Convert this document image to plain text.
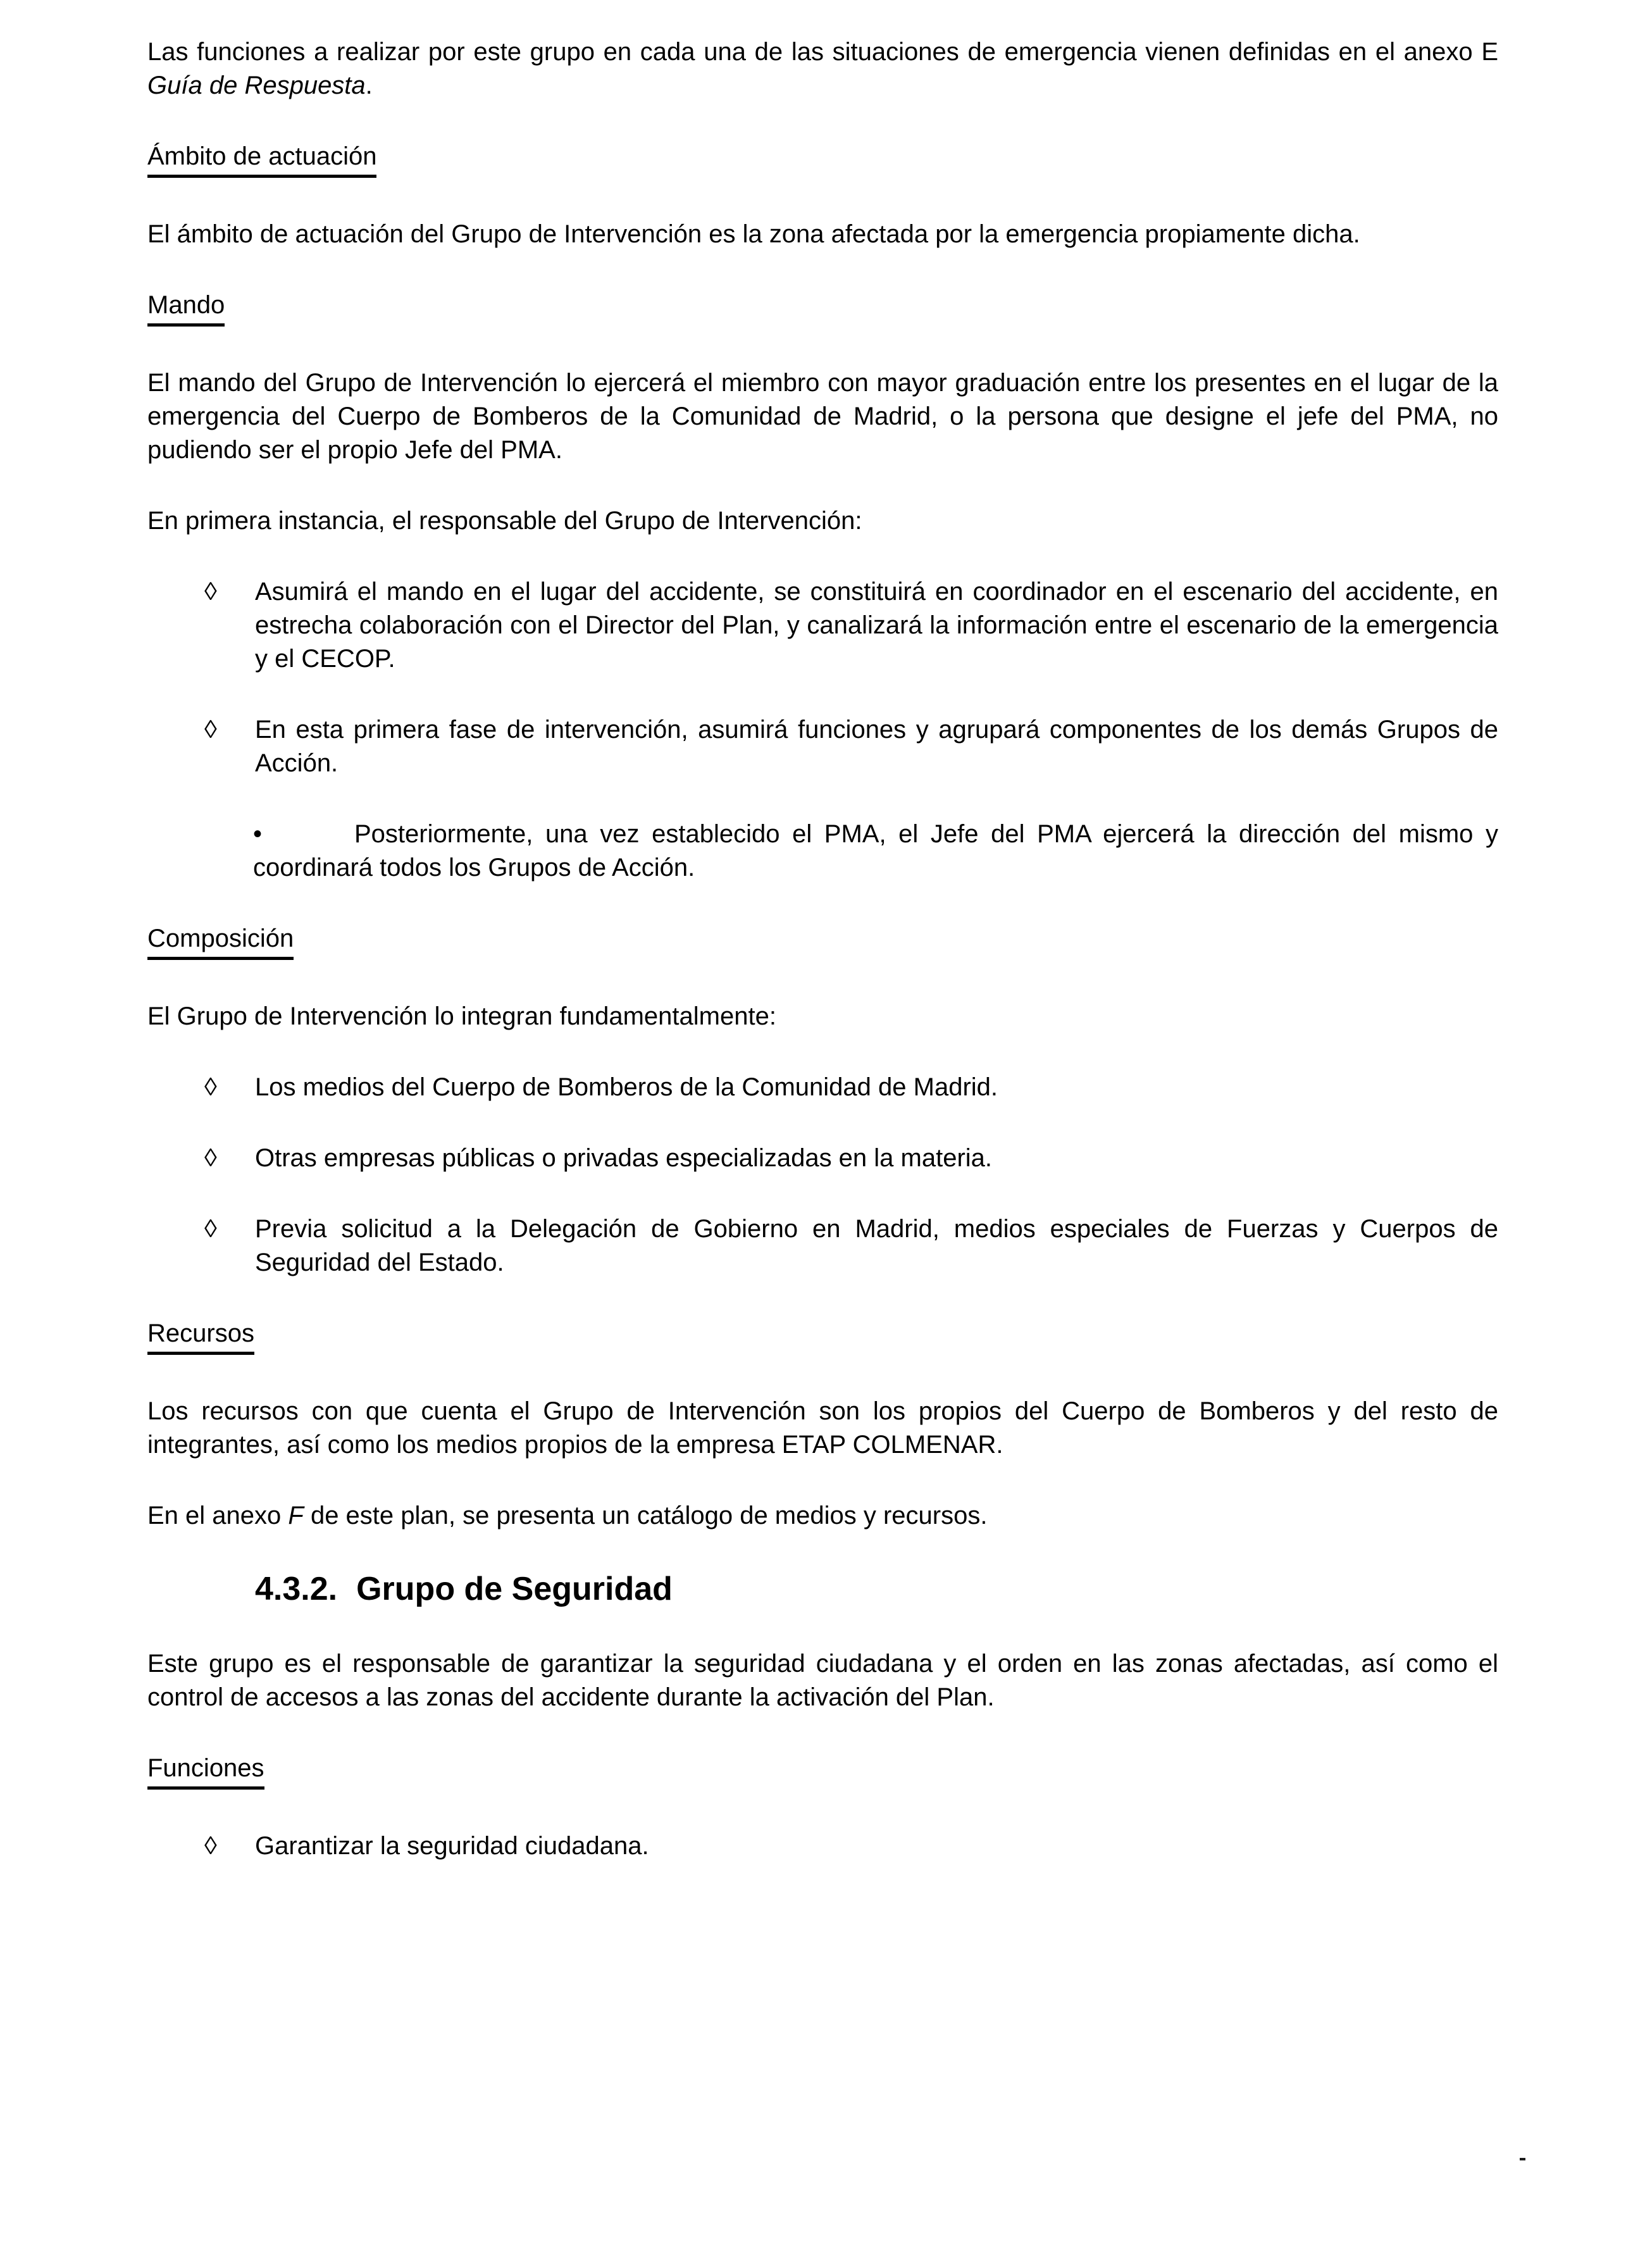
Las funciones a realizar por este grupo en cada una de las situaciones de emergencia vienen definidas en el anexo E Guía de Respuesta.

Ámbito de actuación

El ámbito de actuación del Grupo de Intervención es la zona afectada por la emergencia propiamente dicha.

Mando

El mando del Grupo de Intervención lo ejercerá el miembro con mayor graduación entre los presentes en el lugar de la emergencia del Cuerpo de Bomberos de la Comunidad de Madrid, o la persona que designe el jefe del PMA, no pudiendo ser el propio Jefe del PMA.

En primera instancia, el responsable del Grupo de Intervención:

◊ Asumirá el mando en el lugar del accidente, se constituirá en coordinador en el escenario del accidente, en estrecha colaboración con el Director del Plan, y canalizará la información entre el escenario de la emergencia y el CECOP.
◊ En esta primera fase de intervención, asumirá funciones y agrupará componentes de los demás Grupos de Acción.
•	Posteriormente, una vez establecido el PMA, el Jefe del PMA ejercerá la dirección del mismo y coordinará todos los Grupos de Acción.

Composición

El Grupo de Intervención lo integran fundamentalmente:

◊ Los medios del Cuerpo de Bomberos de la Comunidad de Madrid.
◊ Otras empresas públicas o privadas especializadas en la materia.
◊ Previa solicitud a la Delegación de Gobierno en Madrid, medios especiales de Fuerzas y Cuerpos de Seguridad del Estado.

Recursos

Los recursos con que cuenta el Grupo de Intervención son los propios del Cuerpo de Bomberos y del resto de integrantes, así como los medios propios de la empresa ETAP COLMENAR.

En el anexo F de este plan, se presenta un catálogo de medios y recursos.

4.3.2. Grupo de Seguridad

Este grupo es el responsable de garantizar la seguridad ciudadana y el orden en las zonas afectadas, así como el control de accesos a las zonas del accidente durante la activación del Plan.

Funciones

◊ Garantizar la seguridad ciudadana.
